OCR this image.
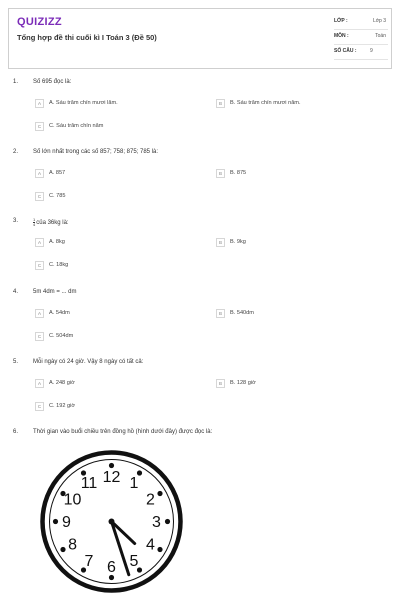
QUIZIZZ
Tổng hợp đề thi cuối kì I Toán 3 (Đề 50)
LỚP :	Lớp 3
MÔN :	Toán
SỐ CÂU :	9
1. Số 695 đọc là:
A	A. Sáu trăm chín mươi lăm.	B	B. Sáu trăm chín mươi năm.
C	C. Sáu trăm chín năm
2. Số lớn nhất trong các số 857; 758; 875; 785 là:
A	A. 857	B	B. 875
C	C. 785
3.	$\frac{1}{4}$ của 36kg là:
A	A. 8kg	B	B. 9kg
C	C. 18kg
4. 5m 4dm = ... dm
A	A. 54dm	B	B. 540dm
C	C. 504dm
5. Mỗi ngày có 24 giờ. Vậy 8 ngày có tất cả:
A	A. 248 giờ	B	B. 128 giờ
C	C. 192 giờ
6. Thời gian vào buổi chiều trên đồng hồ (hình dưới đây) được đọc là:
12 1
2
3
4
5
6
7
8
9
10
11
